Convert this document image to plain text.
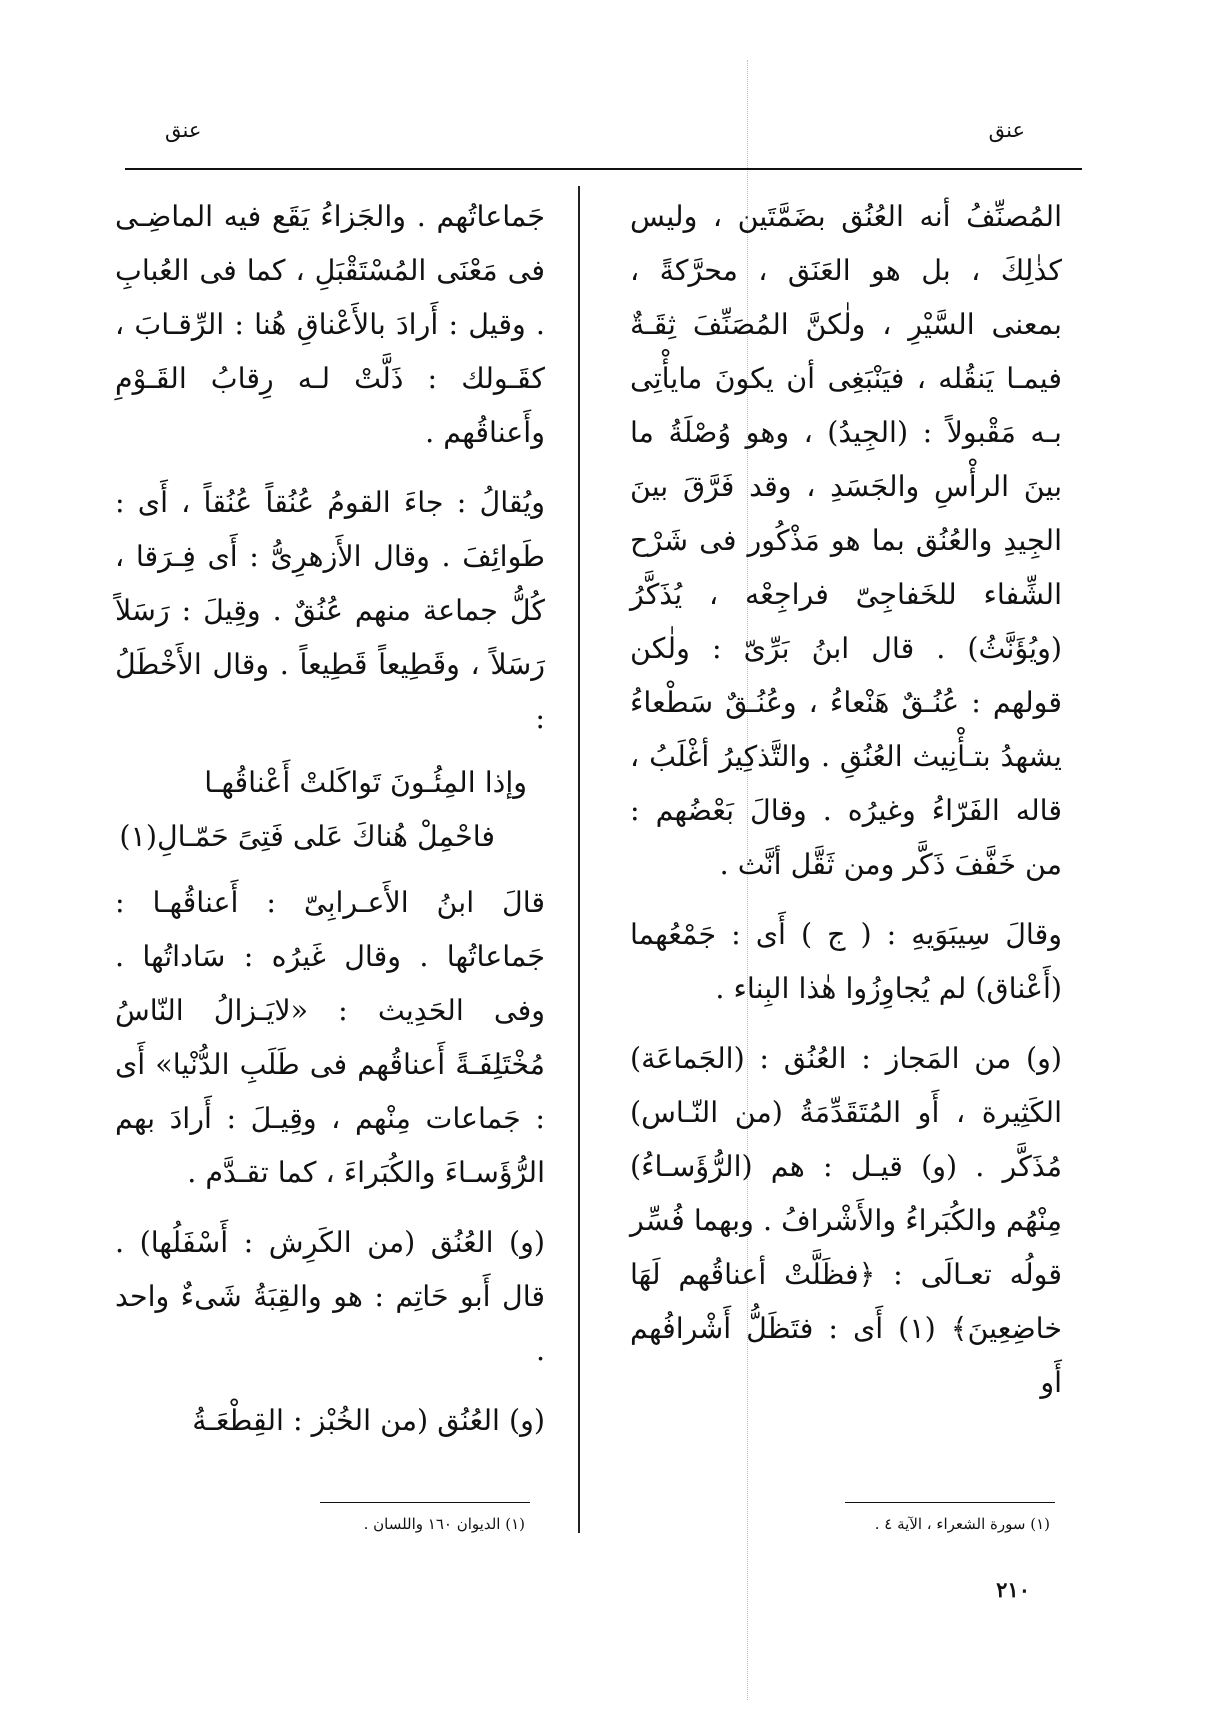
عنق
عنق

المُصنِّفُ أنه العُنُق بضَمَّتَين ، وليس كذٰلِكَ ، بل هو العَنَق ، محرَّكةً ، بمعنى السَّيْرِ ، ولٰكنَّ المُصَنِّفَ ثِقَـةٌ فيمـا يَنقُله ، فيَنْبَغِى أن يكونَ مايأْتِى بـه مَقْبولاً : (الجِيدُ) ، وهو وُصْلَةُ ما بينَ الرأْسِ والجَسَدِ ، وقد فَرَّقَ بينَ الجِيدِ والعُنُق بما هو مَذْكُور فى شَرْح الشِّفاء للخَفاجِىّ فراجِعْه ، يُذَكَّرُ (ويُؤَنَّثُ) . قال ابنُ بَرِّىّ : ولٰكن قولهم : عُنُـقٌ هَنْعاءُ ، وعُنُـقٌ سَطْعاءُ يشهدُ بتـأْنِيث العُنُقِ . والتَّذكِيرُ أغْلَبُ ، قاله الفَرّاءُ وغيرُه . وقالَ بَعْضُهم : من خَفَّفَ ذَكَّر ومن ثَقَّل أنَّث .

وقالَ سِيبَوَيهِ : ( ج ) أَى : جَمْعُهما (أَعْناق) لم يُجاوِزُوا هٰذا البِناء .

(و) من المَجاز : العُنُق : (الجَماعَة) الكَثِيرة ، أَو المُتَقَدِّمَةُ (من النّـاس) مُذَكَّر . (و) قيـل : هم (الرُّؤَسـاءُ) مِنْهُم والكُبَراءُ والأَشْرافُ . وبهما فُسِّر قولُه تعـالَى : ﴿فظَلَّتْ أعناقُهم لَهَا خاضِعِينَ﴾ (١) أَى : فتَظَلُّ أَشْرافُهم أَو

جَماعاتُهم . والجَزاءُ يَقَع فيه الماضِـى فى مَعْنَى المُسْتَقْبَلِ ، كما فى العُبابِ . وقيل : أَرادَ بالأَعْناقِ هُنا : الرِّقـابَ ، كقَـولك : ذَلَّتْ لـه رِقابُ القَـوْمِ وأَعناقُهم .

ويُقالُ : جاءَ القومُ عُنُقاً عُنُقاً ، أَى : طَوائِفَ . وقال الأَزهرِىُّ : أَى فِـرَقا ، كُلُّ جماعة منهم عُنُقٌ . وقِيلَ : رَسَلاً رَسَلاً ، وقَطِيعاً قَطِيعاً . وقال الأَخْطَلُ :

وإذا المِئُـونَ تَواكَلتْ أَعْناقُهـا

فاحْمِلْ هُناكَ عَلى فَتِىً حَمّـالِ(١)

قالَ ابنُ الأَعـرابِىّ : أَعناقُهـا : جَماعاتُها . وقال غَيرُه : سَاداتُها . وفى الحَدِيث : «لايَـزالُ النّاسُ مُخْتَلِفَـةً أَعناقُهم فى طَلَبِ الدُّنْيا» أَى : جَماعات مِنْهم ، وقِيـلَ : أَرادَ بهم الرُّؤَسـاءَ والكُبَراءَ ، كما تقـدَّم .

(و) العُنُق (من الكَرِش : أَسْفَلُها) . قال أَبو حَاتِم : هو والقِبَةُ شَىءٌ واحد .

(و) العُنُق (من الخُبْز : القِطْعَـةُ

(١) سورة الشعراء ، الآية ٤ .
(١) الديوان ١٦٠ واللسان .
٢١٠
